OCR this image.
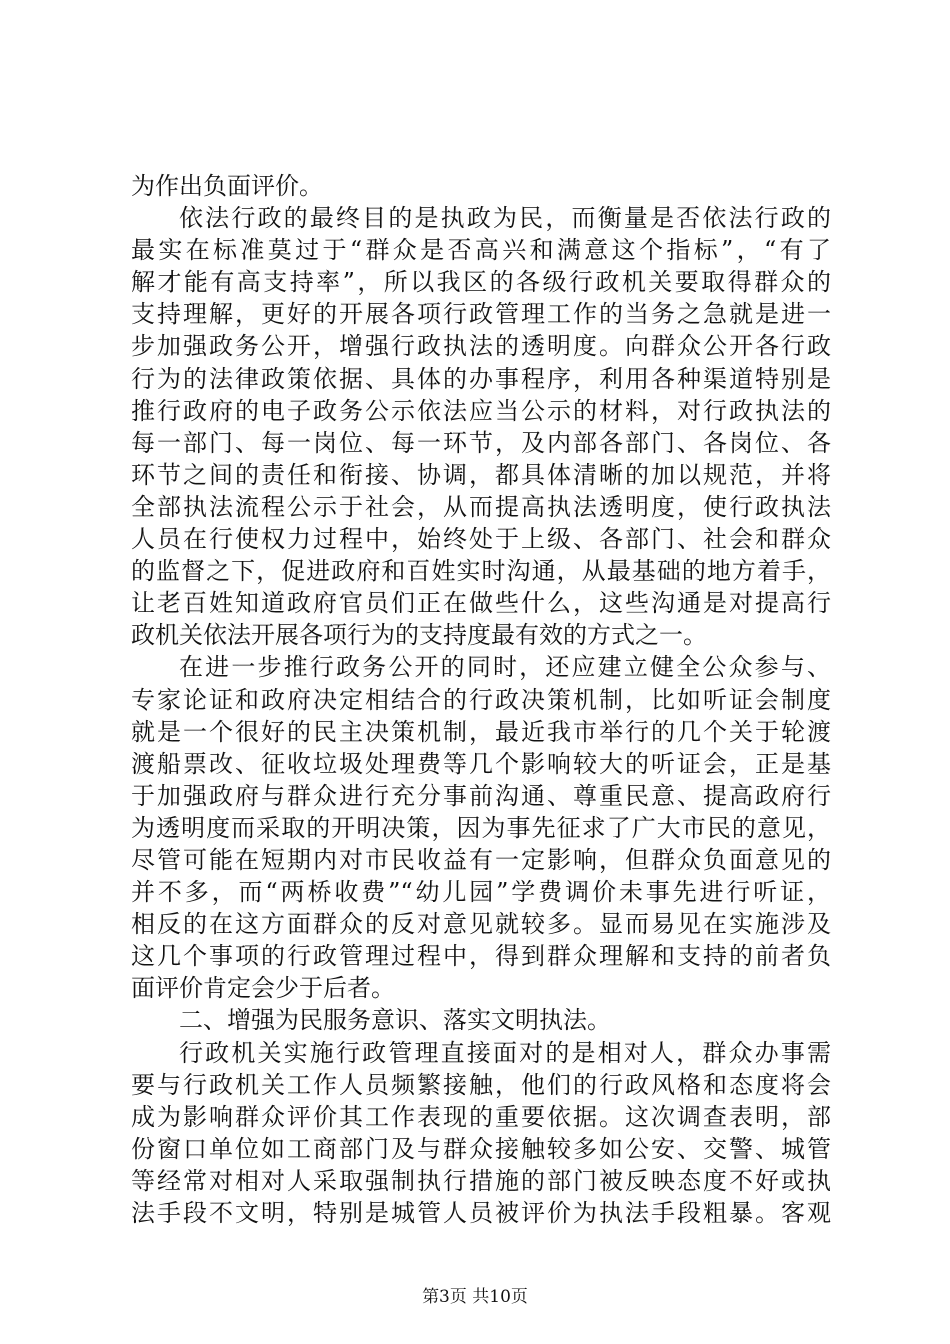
为作出负面评价。
依法行政的最终目的是执政为民，而衡量是否依法行政的
最实在标准莫过于“群众是否高兴和满意这个指标”，“有了
解才能有高支持率”，所以我区的各级行政机关要取得群众的
支持理解，更好的开展各项行政管理工作的当务之急就是进一
步加强政务公开，增强行政执法的透明度。向群众公开各行政
行为的法律政策依据、具体的办事程序，利用各种渠道特别是
推行政府的电子政务公示依法应当公示的材料，对行政执法的
每一部门、每一岗位、每一环节，及内部各部门、各岗位、各
环节之间的责任和衔接、协调，都具体清晰的加以规范，并将
全部执法流程公示于社会，从而提高执法透明度，使行政执法
人员在行使权力过程中，始终处于上级、各部门、社会和群众
的监督之下，促进政府和百姓实时沟通，从最基础的地方着手，
让老百姓知道政府官员们正在做些什么，这些沟通是对提高行
政机关依法开展各项行为的支持度最有效的方式之一。
在进一步推行政务公开的同时，还应建立健全公众参与、
专家论证和政府决定相结合的行政决策机制，比如听证会制度
就是一个很好的民主决策机制，最近我市举行的几个关于轮渡
渡船票改、征收垃圾处理费等几个影响较大的听证会，正是基
于加强政府与群众进行充分事前沟通、尊重民意、提高政府行
为透明度而采取的开明决策，因为事先征求了广大市民的意见，
尽管可能在短期内对市民收益有一定影响，但群众负面意见的
并不多，而“两桥收费”“幼儿园”学费调价未事先进行听证，
相反的在这方面群众的反对意见就较多。显而易见在实施涉及
这几个事项的行政管理过程中，得到群众理解和支持的前者负
面评价肯定会少于后者。
二、增强为民服务意识、落实文明执法。
行政机关实施行政管理直接面对的是相对人，群众办事需
要与行政机关工作人员频繁接触，他们的行政风格和态度将会
成为影响群众评价其工作表现的重要依据。这次调查表明，部
份窗口单位如工商部门及与群众接触较多如公安、交警、城管
等经常对相对人采取强制执行措施的部门被反映态度不好或执
法手段不文明，特别是城管人员被评价为执法手段粗暴。客观
第3页 共10页
